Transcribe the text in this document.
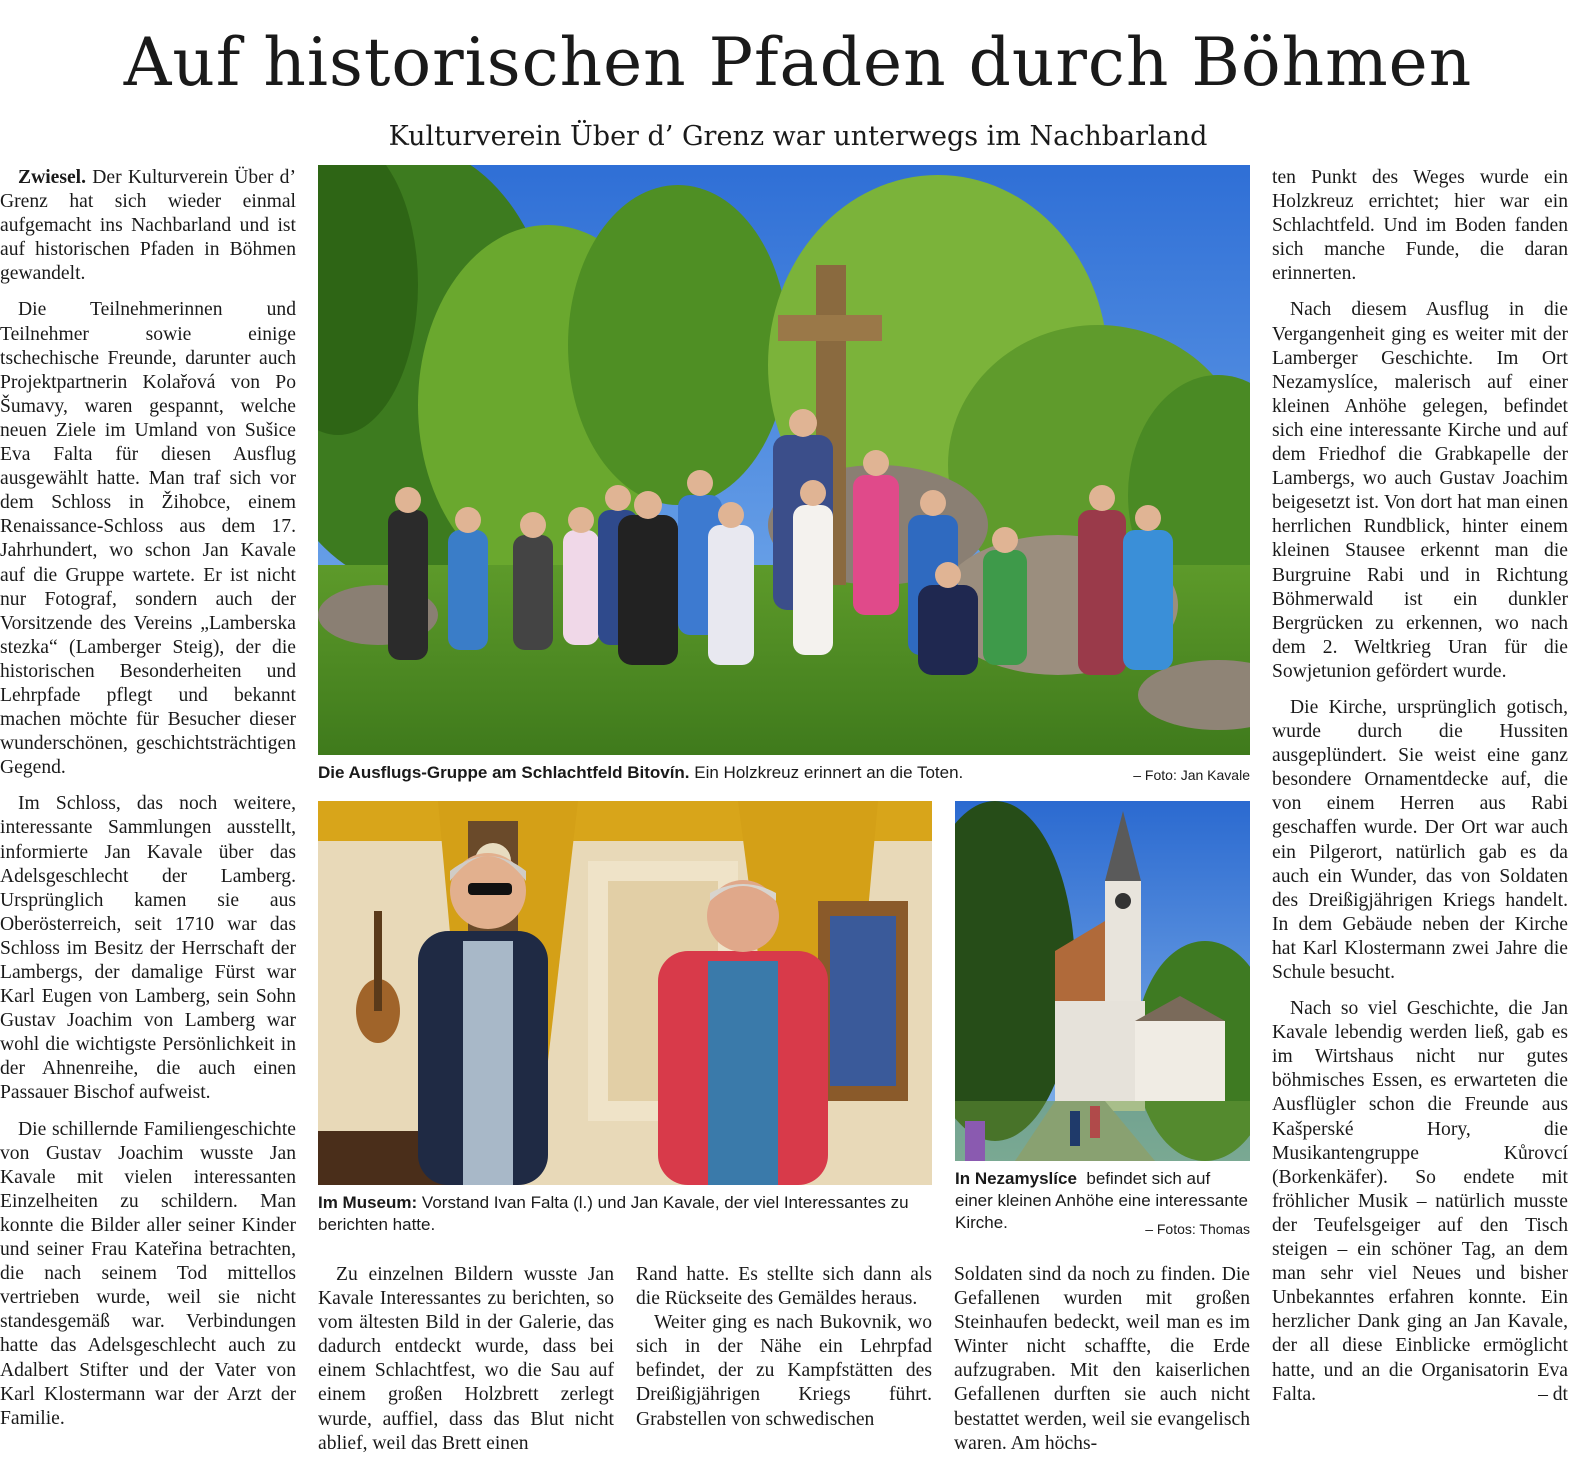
Auf historischen Pfaden durch Böhmen
Kulturverein Über d’ Grenz war unterwegs im Nachbarland

Zwiesel. Der Kulturverein Über d’ Grenz hat sich wieder einmal aufgemacht ins Nachbarland und ist auf historischen Pfaden in Böhmen gewandelt.

Die Teilnehmerinnen und Teilnehmer sowie einige tschechische Freunde, darunter auch Projektpartnerin Kolařová von Po Šumavy, waren gespannt, welche neuen Ziele im Umland von Sušice Eva Falta für diesen Ausflug ausgewählt hatte. Man traf sich vor dem Schloss in Žihobce, einem Renaissance-Schloss aus dem 17. Jahrhundert, wo schon Jan Kavale auf die Gruppe wartete. Er ist nicht nur Fotograf, sondern auch der Vorsitzende des Vereins „Lamberska stezka“ (Lamberger Steig), der die historischen Besonderheiten und Lehrpfade pflegt und bekannt machen möchte für Besucher dieser wunderschönen, geschichtsträchtigen Gegend.

Im Schloss, das noch weitere, interessante Sammlungen ausstellt, informierte Jan Kavale über das Adelsgeschlecht der Lamberg. Ursprünglich kamen sie aus Oberösterreich, seit 1710 war das Schloss im Besitz der Herrschaft der Lambergs, der damalige Fürst war Karl Eugen von Lamberg, sein Sohn Gustav Joachim von Lamberg war wohl die wichtigste Persönlichkeit in der Ahnenreihe, die auch einen Passauer Bischof aufweist.

Die schillernde Familiengeschichte von Gustav Joachim wusste Jan Kavale mit vielen interessanten Einzelheiten zu schildern. Man konnte die Bilder aller seiner Kinder und seiner Frau Kateřina betrachten, die nach seinem Tod mittellos vertrieben wurde, weil sie nicht standesgemäß war. Verbindungen hatte das Adelsgeschlecht auch zu Adalbert Stifter und der Vater von Karl Klostermann war der Arzt der Familie.

Die Ausflugs-Gruppe am Schlachtfeld Bitovín. Ein Holzkreuz erinnert an die Toten.	– Foto: Jan Kavale
Im Museum: Vorstand Ivan Falta (l.) und Jan Kavale, der viel Interessantes zu berichten hatte.
In Nezamyslíce befindet sich auf einer kleinen Anhöhe eine interessante Kirche.	– Fotos: Thomas

Zu einzelnen Bildern wusste Jan Kavale Interessantes zu berichten, so vom ältesten Bild in der Galerie, das dadurch entdeckt wurde, dass bei einem Schlachtfest, wo die Sau auf einem großen Holzbrett zerlegt wurde, auffiel, dass das Blut nicht ablief, weil das Brett einen

Rand hatte. Es stellte sich dann als die Rückseite des Gemäldes heraus.

Weiter ging es nach Bukovnik, wo sich in der Nähe ein Lehrpfad befindet, der zu Kampfstätten des Dreißigjährigen Kriegs führt. Grabstellen von schwedischen

Soldaten sind da noch zu finden. Die Gefallenen wurden mit großen Steinhaufen bedeckt, weil man es im Winter nicht schaffte, die Erde aufzugraben. Mit den kaiserlichen Gefallenen durften sie auch nicht bestattet werden, weil sie evangelisch waren. Am höchs-

ten Punkt des Weges wurde ein Holzkreuz errichtet; hier war ein Schlachtfeld. Und im Boden fanden sich manche Funde, die daran erinnerten.

Nach diesem Ausflug in die Vergangenheit ging es weiter mit der Lamberger Geschichte. Im Ort Nezamyslíce, malerisch auf einer kleinen Anhöhe gelegen, befindet sich eine interessante Kirche und auf dem Friedhof die Grabkapelle der Lambergs, wo auch Gustav Joachim beigesetzt ist. Von dort hat man einen herrlichen Rundblick, hinter einem kleinen Stausee erkennt man die Burgruine Rabi und in Richtung Böhmerwald ist ein dunkler Bergrücken zu erkennen, wo nach dem 2. Weltkrieg Uran für die Sowjetunion gefördert wurde.

Die Kirche, ursprünglich gotisch, wurde durch die Hussiten ausgeplündert. Sie weist eine ganz besondere Ornamentdecke auf, die von einem Herren aus Rabi geschaffen wurde. Der Ort war auch ein Pilgerort, natürlich gab es da auch ein Wunder, das von Soldaten des Dreißigjährigen Kriegs handelt. In dem Gebäude neben der Kirche hat Karl Klostermann zwei Jahre die Schule besucht.

Nach so viel Geschichte, die Jan Kavale lebendig werden ließ, gab es im Wirtshaus nicht nur gutes böhmisches Essen, es erwarteten die Ausflügler schon die Freunde aus Kašperské Hory, die Musikantengruppe Kůrovcí (Borkenkäfer). So endete mit fröhlicher Musik – natürlich musste der Teufelsgeiger auf den Tisch steigen – ein schöner Tag, an dem man sehr viel Neues und bisher Unbekanntes erfahren konnte. Ein herzlicher Dank ging an Jan Kavale, der all diese Einblicke ermöglicht hatte, und an die Organisatorin Eva Falta.	– dt
